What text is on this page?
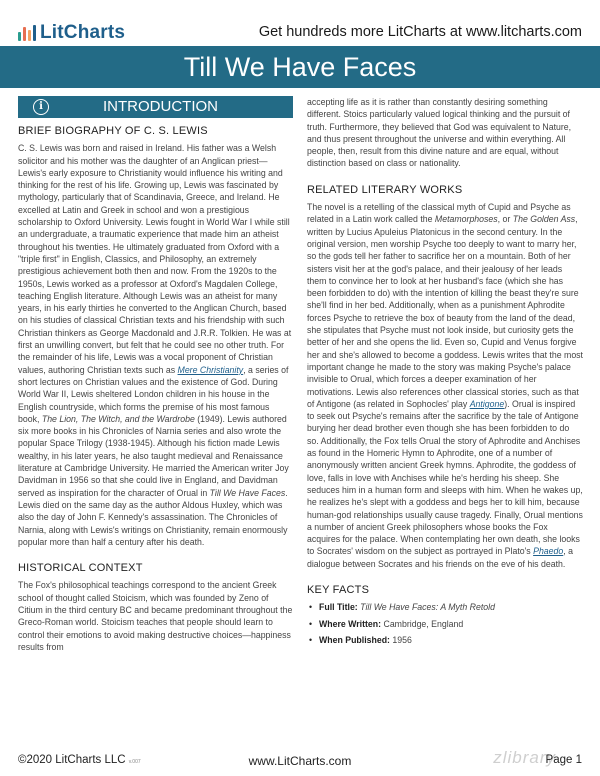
LitCharts	Get hundreds more LitCharts at www.litcharts.com
Till We Have Faces
i	INTRODUCTION
BRIEF BIOGRAPHY OF C. S. LEWIS

C. S. Lewis was born and raised in Ireland. His father was a Welsh solicitor and his mother was the daughter of an Anglican priest—Lewis's early exposure to Christianity would influence his writing and thinking for the rest of his life. Growing up, Lewis was fascinated by mythology, particularly that of Scandinavia, Greece, and Ireland. He excelled at Latin and Greek in school and won a prestigious scholarship to Oxford University. Lewis fought in World War I while still an undergraduate, a traumatic experience that made him an atheist throughout his twenties. He ultimately graduated from Oxford with a "triple first" in English, Classics, and Philosophy, an extremely prestigious achievement both then and now. From the 1920s to the 1950s, Lewis worked as a professor at Oxford's Magdalen College, teaching English literature. Although Lewis was an atheist for many years, in his early thirties he converted to the Anglican Church, based on his studies of classical Christian texts and his friendship with such Christian thinkers as George Macdonald and J.R.R. Tolkien. He was at first an unwilling convert, but felt that he could see no other truth. For the remainder of his life, Lewis was a vocal proponent of Christian values, authoring Christian texts such as Mere Christianity, a series of short lectures on Christian values and the existence of God. During World War II, Lewis sheltered London children in his house in the English countryside, which forms the premise of his most famous book, The Lion, The Witch, and the Wardrobe (1949). Lewis authored six more books in his Chronicles of Narnia series and also wrote the popular Space Trilogy (1938-1945). Although his fiction made Lewis wealthy, in his later years, he also taught medieval and Renaissance literature at Cambridge University. He married the American writer Joy Davidman in 1956 so that she could live in England, and Davidman served as inspiration for the character of Orual in Till We Have Faces. Lewis died on the same day as the author Aldous Huxley, which was also the day of John F. Kennedy's assassination. The Chronicles of Narnia, along with Lewis's writings on Christianity, remain enormously popular more than half a century after his death.

HISTORICAL CONTEXT

The Fox's philosophical teachings correspond to the ancient Greek school of thought called Stoicism, which was founded by Zeno of Citium in the third century BC and became predominant throughout the Greco-Roman world. Stoicism teaches that people should learn to control their emotions to avoid making destructive choices—happiness results from

accepting life as it is rather than constantly desiring something different. Stoics particularly valued logical thinking and the pursuit of truth. Furthermore, they believed that God was equivalent to Nature, and thus present throughout the universe and within everything. All people, then, result from this divine nature and are equal, without distinction based on class or nationality.

RELATED LITERARY WORKS

The novel is a retelling of the classical myth of Cupid and Psyche as related in a Latin work called the Metamorphoses, or The Golden Ass, written by Lucius Apuleius Platonicus in the second century. In the original version, men worship Psyche too deeply to want to marry her, so the gods tell her father to sacrifice her on a mountain. Both of her sisters visit her at the god's palace, and their jealousy of her leads them to convince her to look at her husband's face (which she has been forbidden to do) with the intention of killing the beast they're sure she'll find in her bed. Additionally, when as a punishment Aphrodite forces Psyche to retrieve the box of beauty from the land of the dead, she stipulates that Psyche must not look inside, but curiosity gets the better of her and she opens the lid. Even so, Cupid and Venus forgive her and she's allowed to become a goddess. Lewis writes that the most important change he made to the story was making Psyche's palace invisible to Orual, which forces a deeper examination of her motivations. Lewis also references other classical stories, such as that of Antigone (as related in Sophocles' play Antigone). Orual is inspired to seek out Psyche's remains after the sacrifice by the tale of Antigone burying her dead brother even though she has been forbidden to do so. Additionally, the Fox tells Orual the story of Aphrodite and Anchises as found in the Homeric Hymn to Aphrodite, one of a number of anonymously written ancient Greek hymns. Aphrodite, the goddess of love, falls in love with Anchises while he's herding his sheep. She seduces him in a human form and sleeps with him. When he wakes up, he realizes he's slept with a goddess and begs her to kill him, because human-god relationships usually cause tragedy. Finally, Orual mentions a number of ancient Greek philosophers whose books the Fox acquires for the palace. When contemplating her own death, she looks to Socrates' wisdom on the subject as portrayed in Plato's Phaedo, a dialogue between Socrates and his friends on the eve of his death.

KEY FACTS
• Full Title: Till We Have Faces: A Myth Retold
• Where Written: Cambridge, England
• When Published: 1956
©2020 LitCharts LLC v.007	www.LitCharts.com	zlibrary
Page 1
